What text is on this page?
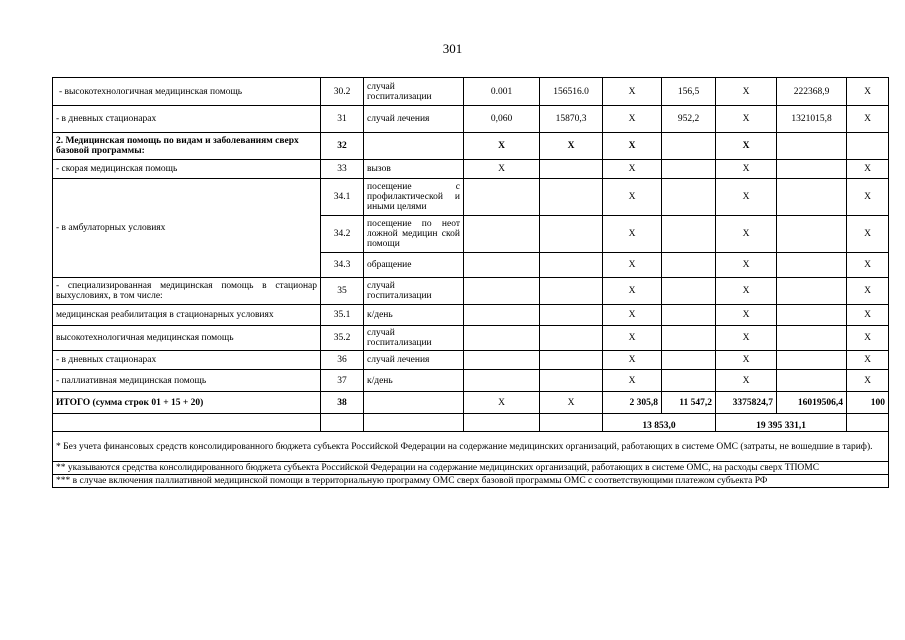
301
- высокотехнологичная медицинская помощь	30.2	случай госпитализации	0.001	156516.0	X	156,5	X	222368,9	X
- в дневных стационарах	31	случай лечения	0,060	15870,3	X	952,2	X	1321015,8	X
2. Медицинская помощь по видам и заболеваниям сверх базовой программы:	32		X	X	X		X		
- скорая медицинская помощь	33	вызов	X		X		X		X
- в амбулаторных условиях	34.1	посещение с профилактической и иными целями			X		X		X
	34.2	посещение по неот ложной медицин ской помощи			X		X		X
	34.3	обращение			X		X		X
- специализированная медицинская помощь в стационар выхусловиях, в том числе:	35	случай госпитализации			X		X		X
медицинская реабилитация в стационарных условиях	35.1	к/день			X		X		X
высокотехнологичная медицинская помощь	35.2	случай госпитализации			X		X		X
- в дневных стационарах	36	случай лечения			X		X		X
- паллиативная медицинская помощь	37	к/день			X		X		X
ИТОГО (сумма строк 01 + 15 + 20)	38		X	X	2 305,8	11 547,2	3375824,7	16019506,4	100
					13 853,0		19 395 331,1		
* Без учета финансовых средств консолидированного бюджета субъекта Российской Федерации на содержание медицинских организаций, работающих в системе ОМС (затраты, не вошедшие в тариф).									
** указываются средства консолидированного бюджета субъекта Российской Федерации на содержание медицинских организаций, работающих в системе ОМС, на расходы сверх ТПОМС									
*** в случае включения паллиативной медицинской помощи в территориальную программу ОМС сверх базовой программы ОМС с соответствующими платежом субъекта РФ									
